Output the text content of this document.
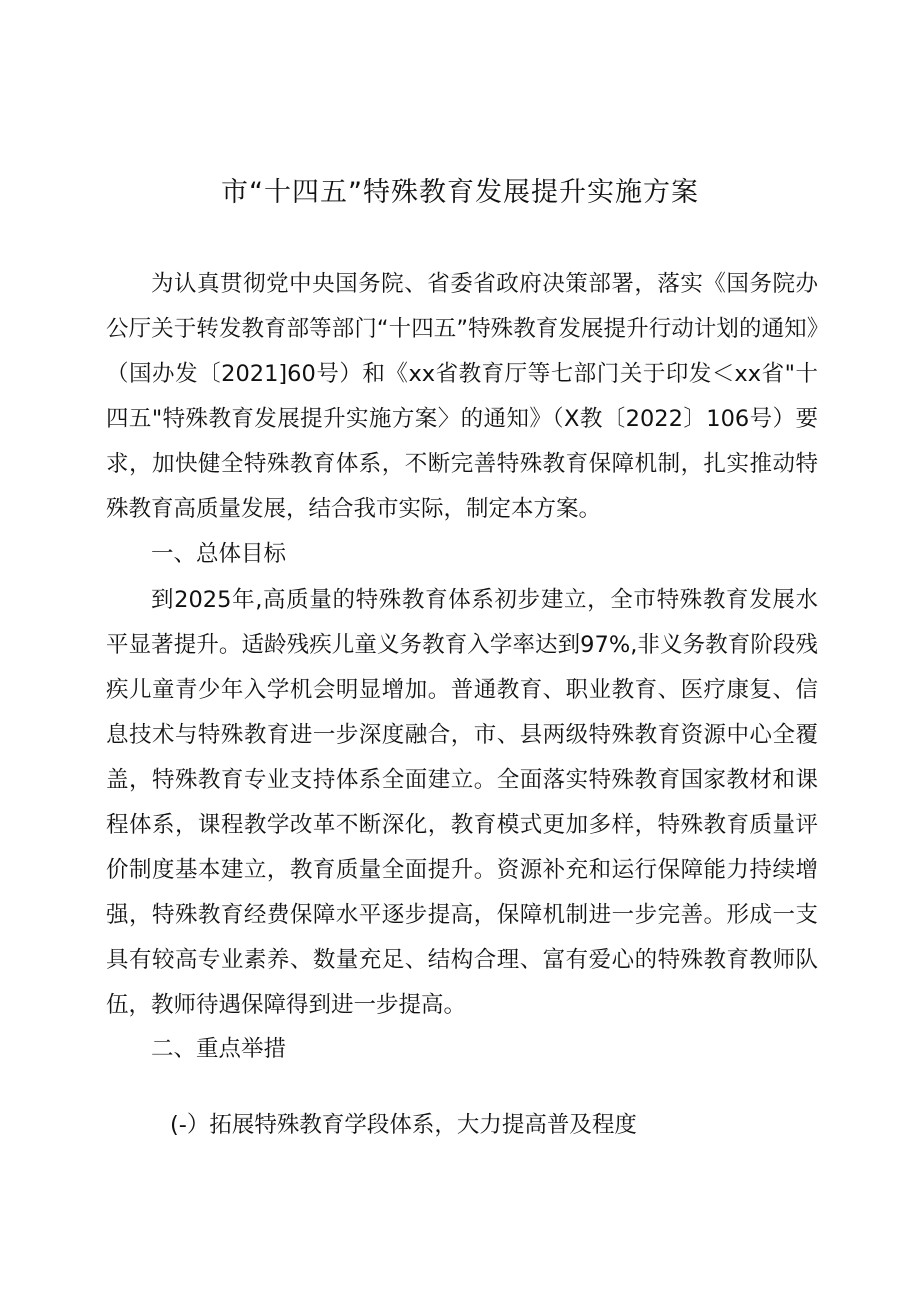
市“十四五”特殊教育发展提升实施方案

为认真贯彻党中央国务院、省委省政府决策部署，落实《国务院办公厅关于转发教育部等部门“十四五”特殊教育发展提升行动计划的通知》（国办发〔2021]60号）和《xx省教育厅等七部门关于印发＜xx省"十四五"特殊教育发展提升实施方案〉的通知》（X教〔2022〕106号）要求，加快健全特殊教育体系，不断完善特殊教育保障机制，扎实推动特殊教育高质量发展，结合我市实际，制定本方案。

一、总体目标

到2025年,高质量的特殊教育体系初步建立，全市特殊教育发展水平显著提升。适龄残疾儿童义务教育入学率达到97%,非义务教育阶段残疾儿童青少年入学机会明显增加。普通教育、职业教育、医疗康复、信息技术与特殊教育进一步深度融合，市、县两级特殊教育资源中心全覆盖，特殊教育专业支持体系全面建立。全面落实特殊教育国家教材和课程体系，课程教学改革不断深化，教育模式更加多样，特殊教育质量评价制度基本建立，教育质量全面提升。资源补充和运行保障能力持续增强，特殊教育经费保障水平逐步提高，保障机制进一步完善。形成一支具有较高专业素养、数量充足、结构合理、富有爱心的特殊教育教师队伍，教师待遇保障得到进一步提高。

二、重点举措
(-）拓展特殊教育学段体系，大力提高普及程度
